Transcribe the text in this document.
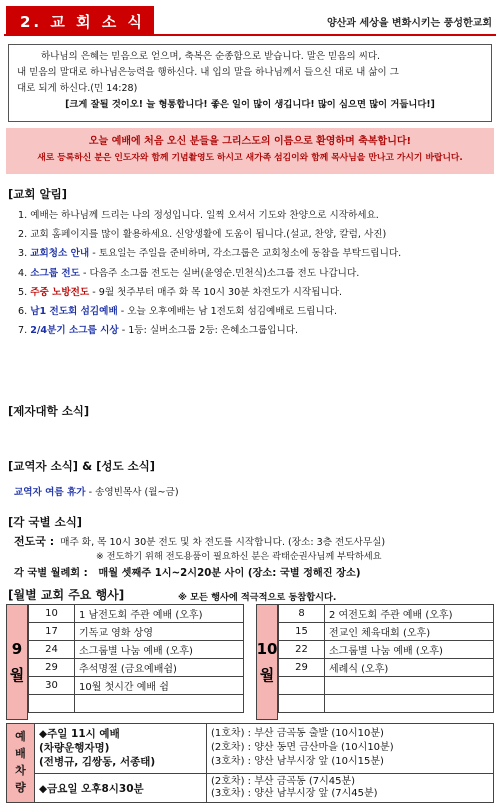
2. 교 회 소 식	양산과 세상을 변화시키는 풍성한교회

하나님의 은혜는 믿음으로 얻으며, 축복은 순종함으로 받습니다. 말은 믿음의 씨다.

내 믿음의 말대로 하나님은능력을 행하신다. 내 입의 말을 하나님께서 들으신 대로 내 삶이 그

대로 되게 하신다.(민 14:28)

[크게 잘될 것이오! 늘 형통합니다! 좋은 일이 많이 생깁니다! 많이 심으면 많이 거둡니다!]

오늘 예배에 처음 오신 분들을 그리스도의 이름으로 환영하며 축복합니다!
새로 등록하신 분은 인도자와 함께 기념촬영도 하시고 새가족 섬김이와 함께 목사님을 만나고 가시기 바랍니다.
[교회 알림]
1. 예배는 하나님께 드리는 나의 정성입니다. 일찍 오셔서 기도와 찬양으로 시작하세요.
2. 교회 홈페이지를 많이 활용하세요. 신앙생활에 도움이 됩니다.(설교, 찬양, 칼럼, 사진)
3. 교회청소 안내 - 토요일는 주일을 준비하며, 각소그룹은 교회청소에 동참을 부탁드립니다.
4. 소그룹 전도 - 다음주 소그룹 전도는 실버(윤영순.민천식)소그룹 전도 나갑니다.
5. 주중 노방전도 - 9월 첫주부터 매주 화 목 10시 30분 차전도가 시작됩니다.
6. 남1 전도회 섬김예배 - 오늘 오후예배는 남 1전도회 섬김예배로 드립니다.
7. 2/4분기 소그룹 시상 - 1등: 실버소그룹 2등: 은혜소그룹입니다.
[제자대학 소식]
[교역자 소식] & [성도 소식]
교역자 여름 휴가 - 송영빈목사 (월~금)
[각 국별 소식]
전도국 : 매주 화, 목 10시 30분 전도 및 차 전도를 시작합니다. (장소: 3층 전도사무실)
※ 전도하기 위해 전도용품이 필요하신 분은 곽태순권사님께 부탁하세요
각 국별 월례회 : 매월 셋째주 1시~2시20분 사이 (장소: 국별 정해진 장소)
[월별 교회 주요 행사]	※ 모든 행사에 적극적으로 동참합시다.
9
월
10	1 남전도회 주관 예배 (오후)
17	기독교 영화 상영
24	소그룹별 나눔 예배 (오후)
29	추석명절 (금요예배쉼)
30	10월 첫시간 예배 쉼

10
월
8	2 여전도회 주관 예배 (오후)
15	전교인 체육대회 (오후)
22	소그룹별 나눔 예배 (오후)
29	세례식 (오후)

예배차량
◆주일 11시 예배
(차량운행자명)
(전병규, 김쌍동, 서종태)
(1호차) : 부산 금곡동 출발 (10시10분)
(2호차) : 양산 동면 금산마을 (10시10분)
(3호차) : 양산 남부시장 앞 (10시15분)
◆금요일 오후8시30분
(2호차) : 부산 금곡동 (7시45분)
(3호차) : 양산 남부시장 앞 (7시45분)
